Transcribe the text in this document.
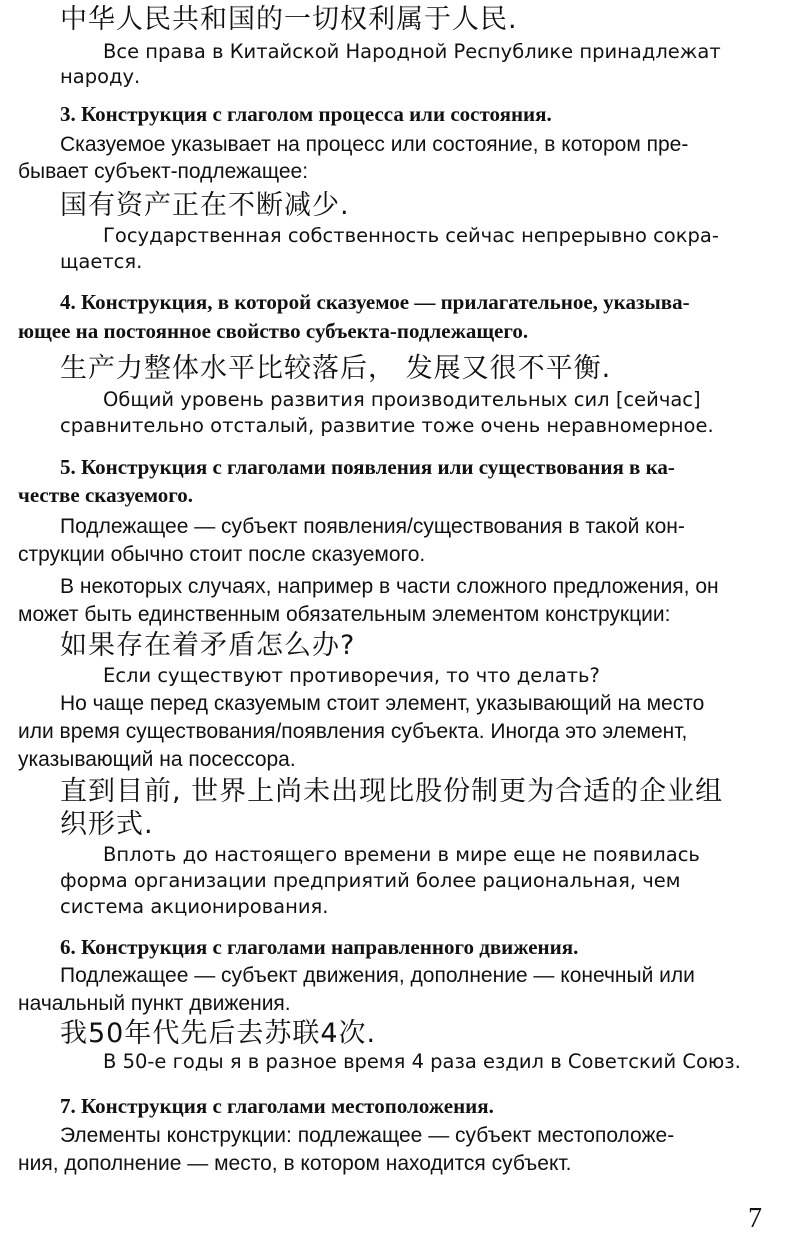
中华人民共和国的一切权利属于人民.

Все права в Китайской Народной Республике принадлежат

народу.

3. Конструкция с глаголом процесса или состояния.

Сказуемое указывает на процесс или состояние, в котором пре-

бывает субъект-подлежащее:

国有资产正在不断减少.

Государственная собственность сейчас непрерывно сокра-

щается.

4. Конструкция, в которой сказуемое — прилагательное, указыва-

ющее на постоянное свойство субъекта-подлежащего.

生产力整体水平比较落后， 发展又很不平衡.

Общий уровень развития производительных сил [сейчас]

сравнительно отсталый, развитие тоже очень неравномерное.

5. Конструкция с глаголами появления или существования в ка-

честве сказуемого.

Подлежащее — субъект появления/существования в такой кон-

струкции обычно стоит после сказуемого.

В некоторых случаях, например в части сложного предложения, он

может быть единственным обязательным элементом конструкции:

如果存在着矛盾怎么办?

Если существуют противоречия, то что делать?

Но чаще перед сказуемым стоит элемент, указывающий на место

или время существования/появления субъекта. Иногда это элемент,

указывающий на посессора.

直到目前, 世界上尚未出现比股份制更为合适的企业组

织形式.

Вплоть до настоящего времени в мире еще не появилась

форма организации предприятий более рациональная, чем

система акционирования.

6. Конструкция с глаголами направленного движения.

Подлежащее — субъект движения, дополнение — конечный или

начальный пункт движения.

我50年代先后去苏联4次.

В 50-е годы я в разное время 4 раза ездил в Советский Союз.

7. Конструкция с глаголами местоположения.

Элементы конструкции: подлежащее — субъект местоположе-

ния, дополнение — место, в котором находится субъект.

7
